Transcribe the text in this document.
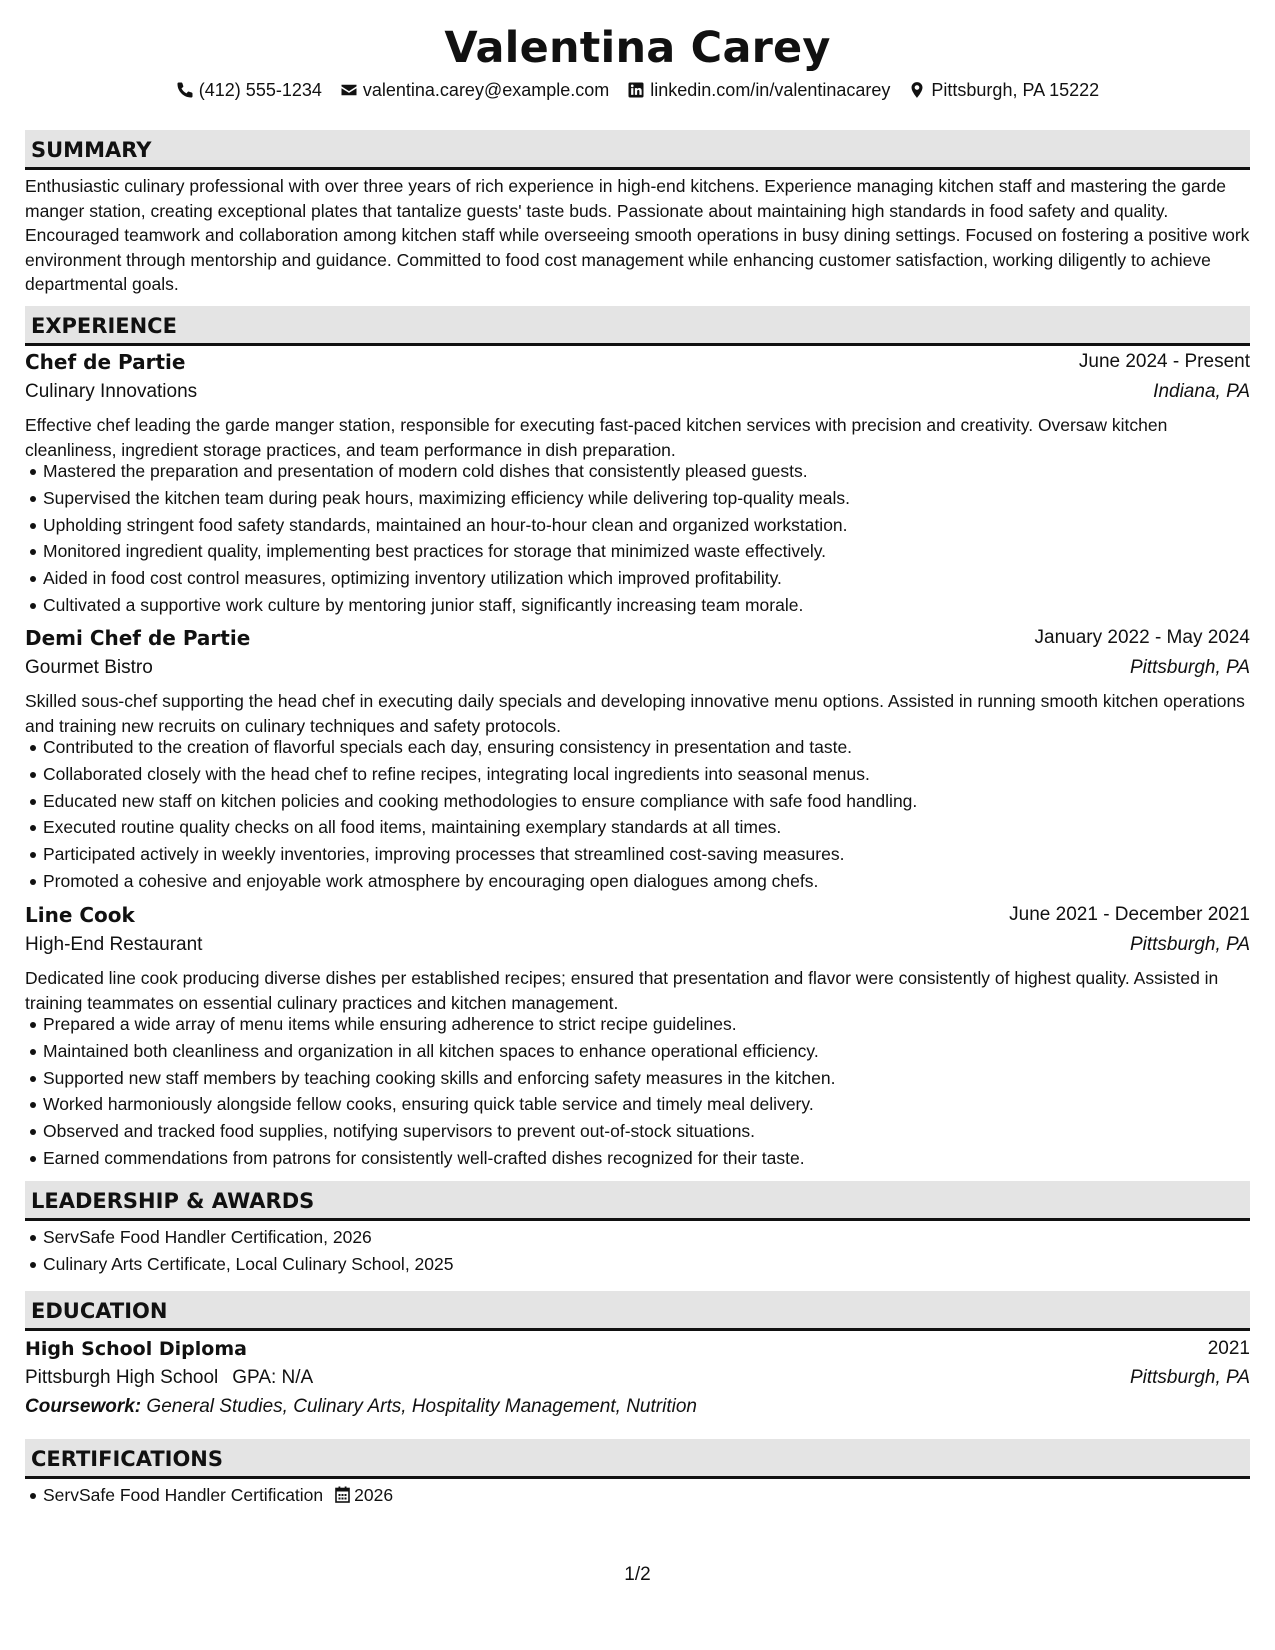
Valentina Carey
(412) 555-1234 valentina.carey@example.com linkedin.com/in/valentinacarey Pittsburgh, PA 15222
SUMMARY
Enthusiastic culinary professional with over three years of rich experience in high-end kitchens. Experience managing kitchen staff and mastering the garde manger station, creating exceptional plates that tantalize guests' taste buds. Passionate about maintaining high standards in food safety and quality. Encouraged teamwork and collaboration among kitchen staff while overseeing smooth operations in busy dining settings. Focused on fostering a positive work environment through mentorship and guidance. Committed to food cost management while enhancing customer satisfaction, working diligently to achieve departmental goals.
EXPERIENCE
Chef de Partie	June 2024 - Present
Culinary Innovations	Indiana, PA
Effective chef leading the garde manger station, responsible for executing fast-paced kitchen services with precision and creativity. Oversaw kitchen cleanliness, ingredient storage practices, and team performance in dish preparation.
Mastered the preparation and presentation of modern cold dishes that consistently pleased guests.
Supervised the kitchen team during peak hours, maximizing efficiency while delivering top-quality meals.
Upholding stringent food safety standards, maintained an hour-to-hour clean and organized workstation.
Monitored ingredient quality, implementing best practices for storage that minimized waste effectively.
Aided in food cost control measures, optimizing inventory utilization which improved profitability.
Cultivated a supportive work culture by mentoring junior staff, significantly increasing team morale.
Demi Chef de Partie	January 2022 - May 2024
Gourmet Bistro	Pittsburgh, PA
Skilled sous-chef supporting the head chef in executing daily specials and developing innovative menu options. Assisted in running smooth kitchen operations and training new recruits on culinary techniques and safety protocols.
Contributed to the creation of flavorful specials each day, ensuring consistency in presentation and taste.
Collaborated closely with the head chef to refine recipes, integrating local ingredients into seasonal menus.
Educated new staff on kitchen policies and cooking methodologies to ensure compliance with safe food handling.
Executed routine quality checks on all food items, maintaining exemplary standards at all times.
Participated actively in weekly inventories, improving processes that streamlined cost-saving measures.
Promoted a cohesive and enjoyable work atmosphere by encouraging open dialogues among chefs.
Line Cook	June 2021 - December 2021
High-End Restaurant	Pittsburgh, PA
Dedicated line cook producing diverse dishes per established recipes; ensured that presentation and flavor were consistently of highest quality. Assisted in training teammates on essential culinary practices and kitchen management.
Prepared a wide array of menu items while ensuring adherence to strict recipe guidelines.
Maintained both cleanliness and organization in all kitchen spaces to enhance operational efficiency.
Supported new staff members by teaching cooking skills and enforcing safety measures in the kitchen.
Worked harmoniously alongside fellow cooks, ensuring quick table service and timely meal delivery.
Observed and tracked food supplies, notifying supervisors to prevent out-of-stock situations.
Earned commendations from patrons for consistently well-crafted dishes recognized for their taste.
LEADERSHIP & AWARDS
ServSafe Food Handler Certification, 2026
Culinary Arts Certificate, Local Culinary School, 2025
EDUCATION
High School Diploma	2021
Pittsburgh High School GPA: N/A	Pittsburgh, PA
Coursework: General Studies, Culinary Arts, Hospitality Management, Nutrition
CERTIFICATIONS
ServSafe Food Handler Certification 2026
1/2
